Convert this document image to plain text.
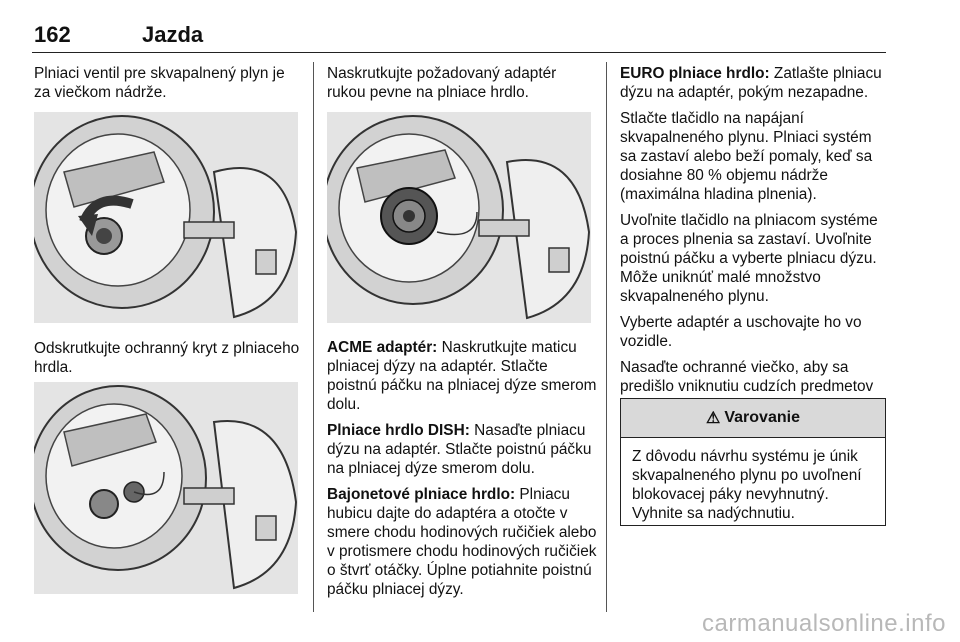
162	Jazda

Plniaci ventil pre skvapalnený plyn je za viečkom nádrže.

Odskrutkujte ochranný kryt z plniaceho hrdla.

Naskrutkujte požadovaný adaptér rukou pevne na plniace hrdlo.

ACME adaptér: Naskrutkujte maticu plniacej dýzy na adaptér. Stlačte poistnú páčku na plniacej dýze smerom dolu.

Plniace hrdlo DISH: Nasaďte plniacu dýzu na adaptér. Stlačte poistnú páčku na plniacej dýze smerom dolu.

Bajonetové plniace hrdlo: Plniacu hubicu dajte do adaptéra a otočte v smere chodu hodinových ručičiek alebo v protismere chodu hodinových ručičiek o štvrť otáčky. Úplne potiahnite poistnú páčku plniacej dýzy.

EURO plniace hrdlo: Zatlašte plniacu dýzu na adaptér, pokým nezapadne.

Stlačte tlačidlo na napájaní skvapalneného plynu. Plniaci systém sa zastaví alebo beží pomaly, keď sa dosiahne 80 % objemu nádrže (maximálna hladina plnenia).

Uvoľnite tlačidlo na plniacom systéme a proces plnenia sa zastaví. Uvoľnite poistnú páčku a vyberte plniacu dýzu. Môže uniknúť malé množstvo skvapalneného plynu.

Vyberte adaptér a uschovajte ho vo vozidle.

Nasaďte ochranné viečko, aby sa predišlo vniknutiu cudzích predmetov

⚠ Varovanie
Z dôvodu návrhu systému je únik skvapalneného plynu po uvoľnení blokovacej páky nevyhnutný. Vyhnite sa nadýchnutiu.
carmanualsonline.info
